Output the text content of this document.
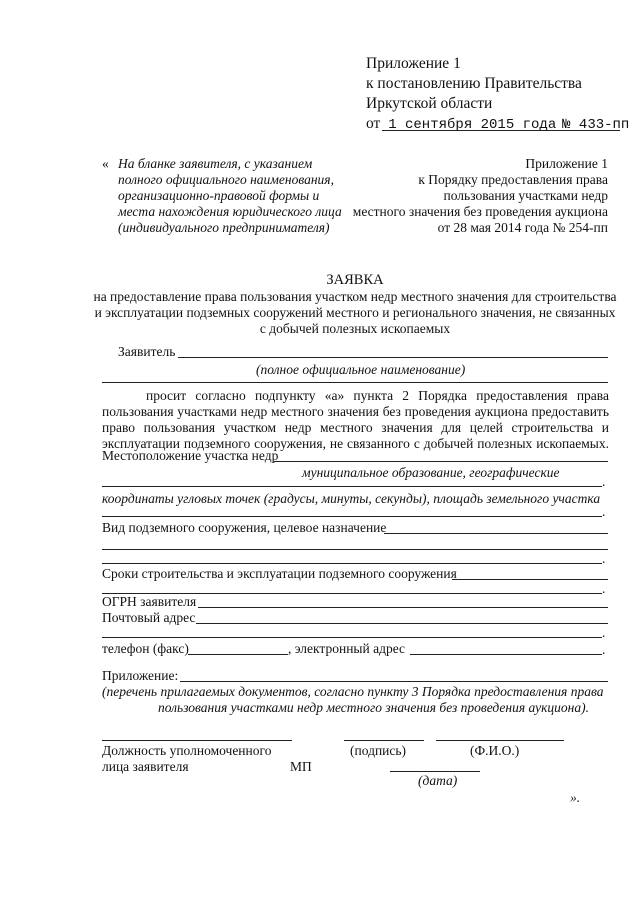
Приложение 1
к постановлению Правительства
Иркутской области
от 1 сентября 2015 года № 433-пп
« На бланке заявителя, с указанием
полного официального наименования,
организационно-правовой формы и
места нахождения юридического лица
(индивидуального предпринимателя)
Приложение 1
к Порядку предоставления права
пользования участками недр
местного значения без проведения аукциона
от 28 мая 2014 года № 254-пп
ЗАЯВКА
на предоставление права пользования участком недр местного значения для строительства
и эксплуатации подземных сооружений местного и регионального значения, не связанных
с добычей полезных ископаемых
Заявитель
(полное официальное наименование)
просит согласно подпункту «а» пункта 2 Порядка предоставления права
пользования участками недр местного значения без проведения аукциона предоставить
право пользования участком недр местного значения для целей строительства и
эксплуатации подземного сооружения, не связанного с добычей полезных ископаемых.
Местоположение участка недр
муниципальное образование, географические
.
координаты угловых точек (градусы, минуты, секунды), площадь земельного участка
.
Вид подземного сооружения, целевое назначение
.
Сроки строительства и эксплуатации подземного сооружения
.
ОГРН заявителя
Почтовый адрес
.
телефон (факс)	, электронный адрес	.
Приложение:
(перечень прилагаемых документов, согласно пункту 3 Порядка предоставления права
пользования участками недр местного значения без проведения аукциона).
Должность уполномоченного
лица заявителя	МП
(подпись)	(Ф.И.О.)
(дата)
».
